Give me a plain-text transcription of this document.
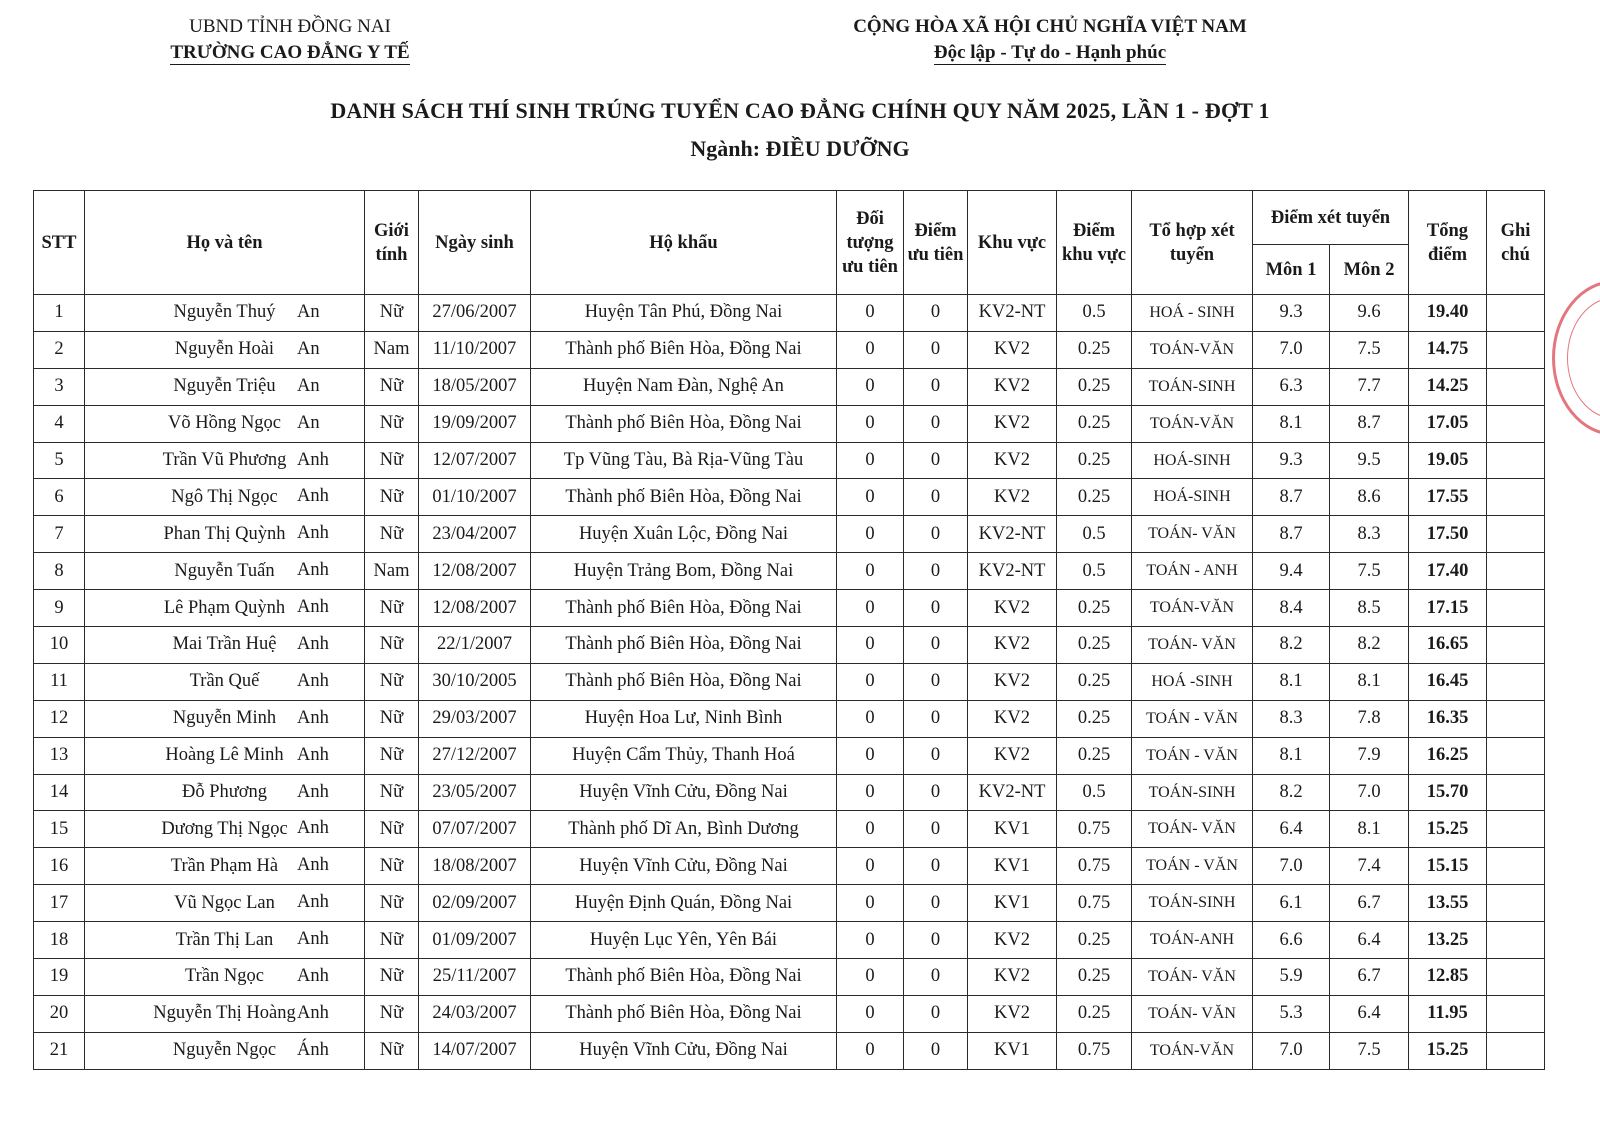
UBND TỈNH ĐỒNG NAI
TRƯỜNG CAO ĐẲNG Y TẾ
CỘNG HÒA XÃ HỘI CHỦ NGHĨA VIỆT NAM
Độc lập - Tự do - Hạnh phúc
DANH SÁCH THÍ SINH TRÚNG TUYỂN CAO ĐẲNG CHÍNH QUY NĂM 2025, LẦN 1 - ĐỢT 1
Ngành: ĐIỀU DƯỠNG
STT	Họ và tên	Giới tính	Ngày sinh	Hộ khẩu	Đối tượng ưu tiên	Điểm ưu tiên	Khu vực	Điểm khu vực	Tổ hợp xét tuyển	Điểm xét tuyển		Tổng điểm	Ghi chú
										Môn 1	Môn 2		
1	Nguyễn Thuý An	Nữ	27/06/2007	Huyện Tân Phú, Đồng Nai	0	0	KV2-NT	0.5	HOÁ - SINH	9.3	9.6	19.40	
2	Nguyễn Hoài An	Nam	11/10/2007	Thành phố Biên Hòa, Đồng Nai	0	0	KV2	0.25	TOÁN-VĂN	7.0	7.5	14.75	
3	Nguyễn Triệu An	Nữ	18/05/2007	Huyện Nam Đàn, Nghệ An	0	0	KV2	0.25	TOÁN-SINH	6.3	7.7	14.25	
4	Võ Hồng Ngọc An	Nữ	19/09/2007	Thành phố Biên Hòa, Đồng Nai	0	0	KV2	0.25	TOÁN-VĂN	8.1	8.7	17.05	
5	Trần Vũ Phương Anh	Nữ	12/07/2007	Tp Vũng Tàu, Bà Rịa-Vũng Tàu	0	0	KV2	0.25	HOÁ-SINH	9.3	9.5	19.05	
6	Ngô Thị Ngọc Anh	Nữ	01/10/2007	Thành phố Biên Hòa, Đồng Nai	0	0	KV2	0.25	HOÁ-SINH	8.7	8.6	17.55	
7	Phan Thị Quỳnh Anh	Nữ	23/04/2007	Huyện Xuân Lộc, Đồng Nai	0	0	KV2-NT	0.5	TOÁN- VĂN	8.7	8.3	17.50	
8	Nguyễn Tuấn Anh	Nam	12/08/2007	Huyện Trảng Bom, Đồng Nai	0	0	KV2-NT	0.5	TOÁN - ANH	9.4	7.5	17.40	
9	Lê Phạm Quỳnh Anh	Nữ	12/08/2007	Thành phố Biên Hòa, Đồng Nai	0	0	KV2	0.25	TOÁN-VĂN	8.4	8.5	17.15	
10	Mai Trần Huệ Anh	Nữ	22/1/2007	Thành phố Biên Hòa, Đồng Nai	0	0	KV2	0.25	TOÁN- VĂN	8.2	8.2	16.65	
11	Trần Quế Anh	Nữ	30/10/2005	Thành phố Biên Hòa, Đồng Nai	0	0	KV2	0.25	HOÁ -SINH	8.1	8.1	16.45	
12	Nguyễn Minh Anh	Nữ	29/03/2007	Huyện Hoa Lư, Ninh Bình	0	0	KV2	0.25	TOÁN - VĂN	8.3	7.8	16.35	
13	Hoàng Lê Minh Anh	Nữ	27/12/2007	Huyện Cẩm Thủy, Thanh Hoá	0	0	KV2	0.25	TOÁN - VĂN	8.1	7.9	16.25	
14	Đỗ Phương Anh	Nữ	23/05/2007	Huyện Vĩnh Cửu, Đồng Nai	0	0	KV2-NT	0.5	TOÁN-SINH	8.2	7.0	15.70	
15	Dương Thị Ngọc Anh	Nữ	07/07/2007	Thành phố Dĩ An, Bình Dương	0	0	KV1	0.75	TOÁN- VĂN	6.4	8.1	15.25	
16	Trần Phạm Hà Anh	Nữ	18/08/2007	Huyện Vĩnh Cửu, Đồng Nai	0	0	KV1	0.75	TOÁN - VĂN	7.0	7.4	15.15	
17	Vũ Ngọc Lan Anh	Nữ	02/09/2007	Huyện Định Quán, Đồng Nai	0	0	KV1	0.75	TOÁN-SINH	6.1	6.7	13.55	
18	Trần Thị Lan Anh	Nữ	01/09/2007	Huyện Lục Yên, Yên Bái	0	0	KV2	0.25	TOÁN-ANH	6.6	6.4	13.25	
19	Trần Ngọc Anh	Nữ	25/11/2007	Thành phố Biên Hòa, Đồng Nai	0	0	KV2	0.25	TOÁN- VĂN	5.9	6.7	12.85	
20	Nguyễn Thị Hoàng Anh	Nữ	24/03/2007	Thành phố Biên Hòa, Đồng Nai	0	0	KV2	0.25	TOÁN- VĂN	5.3	6.4	11.95	
21	Nguyễn Ngọc Ánh	Nữ	14/07/2007	Huyện Vĩnh Cửu, Đồng Nai	0	0	KV1	0.75	TOÁN-VĂN	7.0	7.5	15.25	
